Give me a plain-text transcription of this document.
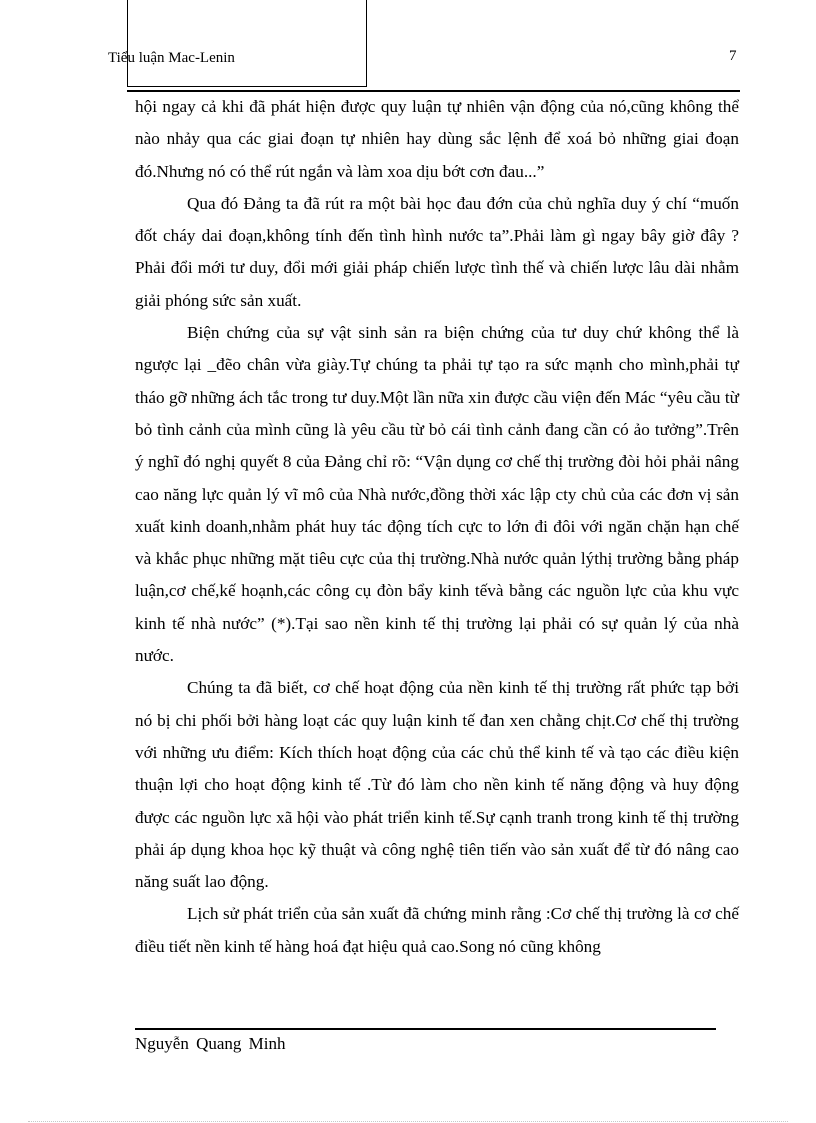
Tiểu luận Mac-Lenin	7

hội ngay cả khi đã phát hiện được quy luận tự nhiên vận động của nó,cũng không thể nào nhảy qua các giai đoạn tự nhiên hay dùng sắc lệnh để xoá bỏ những giai đoạn đó.Nhưng nó có thể rút ngắn và làm xoa dịu bớt cơn đau...”

Qua đó Đảng ta đã rút ra một bài học đau đớn của chủ nghĩa duy ý chí “muốn đốt cháy dai đoạn,không tính đến tình hình nước ta”.Phải làm gì ngay bây giờ đây ? Phải đổi mới tư duy, đổi mới giải pháp chiến lược tình thế và chiến lược lâu dài nhằm giải phóng sức sản xuất.

Biện chứng của sự vật sinh sản ra biện chứng của tư duy chứ không thể là ngược lại _đẽo chân vừa giày.Tự chúng ta phải tự tạo ra sức mạnh cho mình,phải tự tháo gỡ những ách tắc trong tư duy.Một lần nữa xin được cầu viện đến Mác “yêu cầu từ bỏ tình cảnh của mình cũng là yêu cầu từ bỏ cái tình cảnh đang cần có ảo tưởng”.Trên ý nghĩ đó nghị quyết 8 của Đảng chỉ rõ: “Vận dụng cơ chế thị trường đòi hỏi phải nâng cao năng lực quản lý vĩ mô của Nhà nước,đồng thời xác lập cty chủ của các đơn vị sản xuất kinh doanh,nhằm phát huy tác động tích cực to lớn đi đôi với ngăn chặn hạn chế và khắc phục những mặt tiêu cực của thị trường.Nhà nước quản lýthị trường bằng pháp luận,cơ chế,kế hoạnh,các công cụ đòn bẩy kinh tếvà bằng các nguồn lực của khu vực kinh tế nhà nước” (*).Tại sao nền kinh tế thị trường lại phải có sự quản lý của nhà nước.

Chúng ta đã biết, cơ chế hoạt động của nền kinh tế thị trường rất phức tạp bởi nó bị chi phối bởi hàng loạt các quy luận kinh tế đan xen chằng chịt.Cơ chế thị trường với những ưu điểm: Kích thích hoạt động của các chủ thể kinh tế và tạo các điều kiện thuận lợi cho hoạt động kinh tế .Từ đó làm cho nền kinh tế năng động và huy động được các nguồn lực xã hội vào phát triển kinh tế.Sự cạnh tranh trong kinh tế thị trường phải áp dụng khoa học kỹ thuật và công nghệ tiên tiến vào sản xuất để từ đó nâng cao năng suất lao động.

Lịch sử phát triển của sản xuất đã chứng minh rằng :Cơ chế thị trường là cơ chế điều tiết nền kinh tế hàng hoá đạt hiệu quả cao.Song nó cũng không

Nguyễn Quang Minh
